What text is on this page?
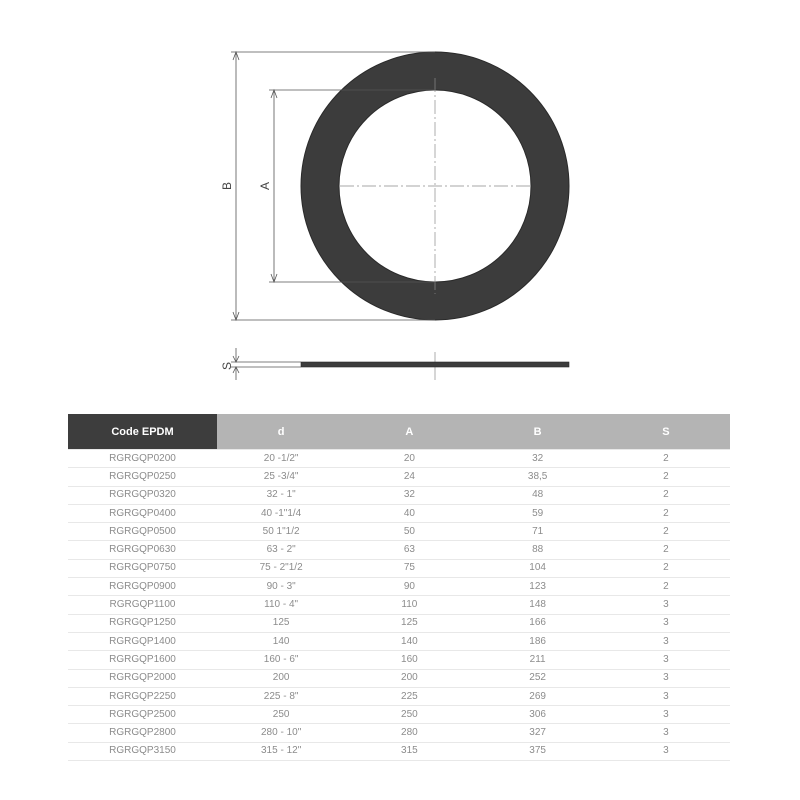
B A
S
Code EPDM	d	A	B	S
RGRGQP0200	20 -1/2"	20	32	2
RGRGQP0250	25 -3/4"	24	38,5	2
RGRGQP0320	32 - 1"	32	48	2
RGRGQP0400	40 -1"1/4	40	59	2
RGRGQP0500	50 1"1/2	50	71	2
RGRGQP0630	63 - 2"	63	88	2
RGRGQP0750	75 - 2"1/2	75	104	2
RGRGQP0900	90 - 3"	90	123	2
RGRGQP1100	110 - 4"	110	148	3
RGRGQP1250	125	125	166	3
RGRGQP1400	140	140	186	3
RGRGQP1600	160 - 6"	160	211	3
RGRGQP2000	200	200	252	3
RGRGQP2250	225 - 8"	225	269	3
RGRGQP2500	250	250	306	3
RGRGQP2800	280 - 10"	280	327	3
RGRGQP3150	315 - 12"	315	375	3
